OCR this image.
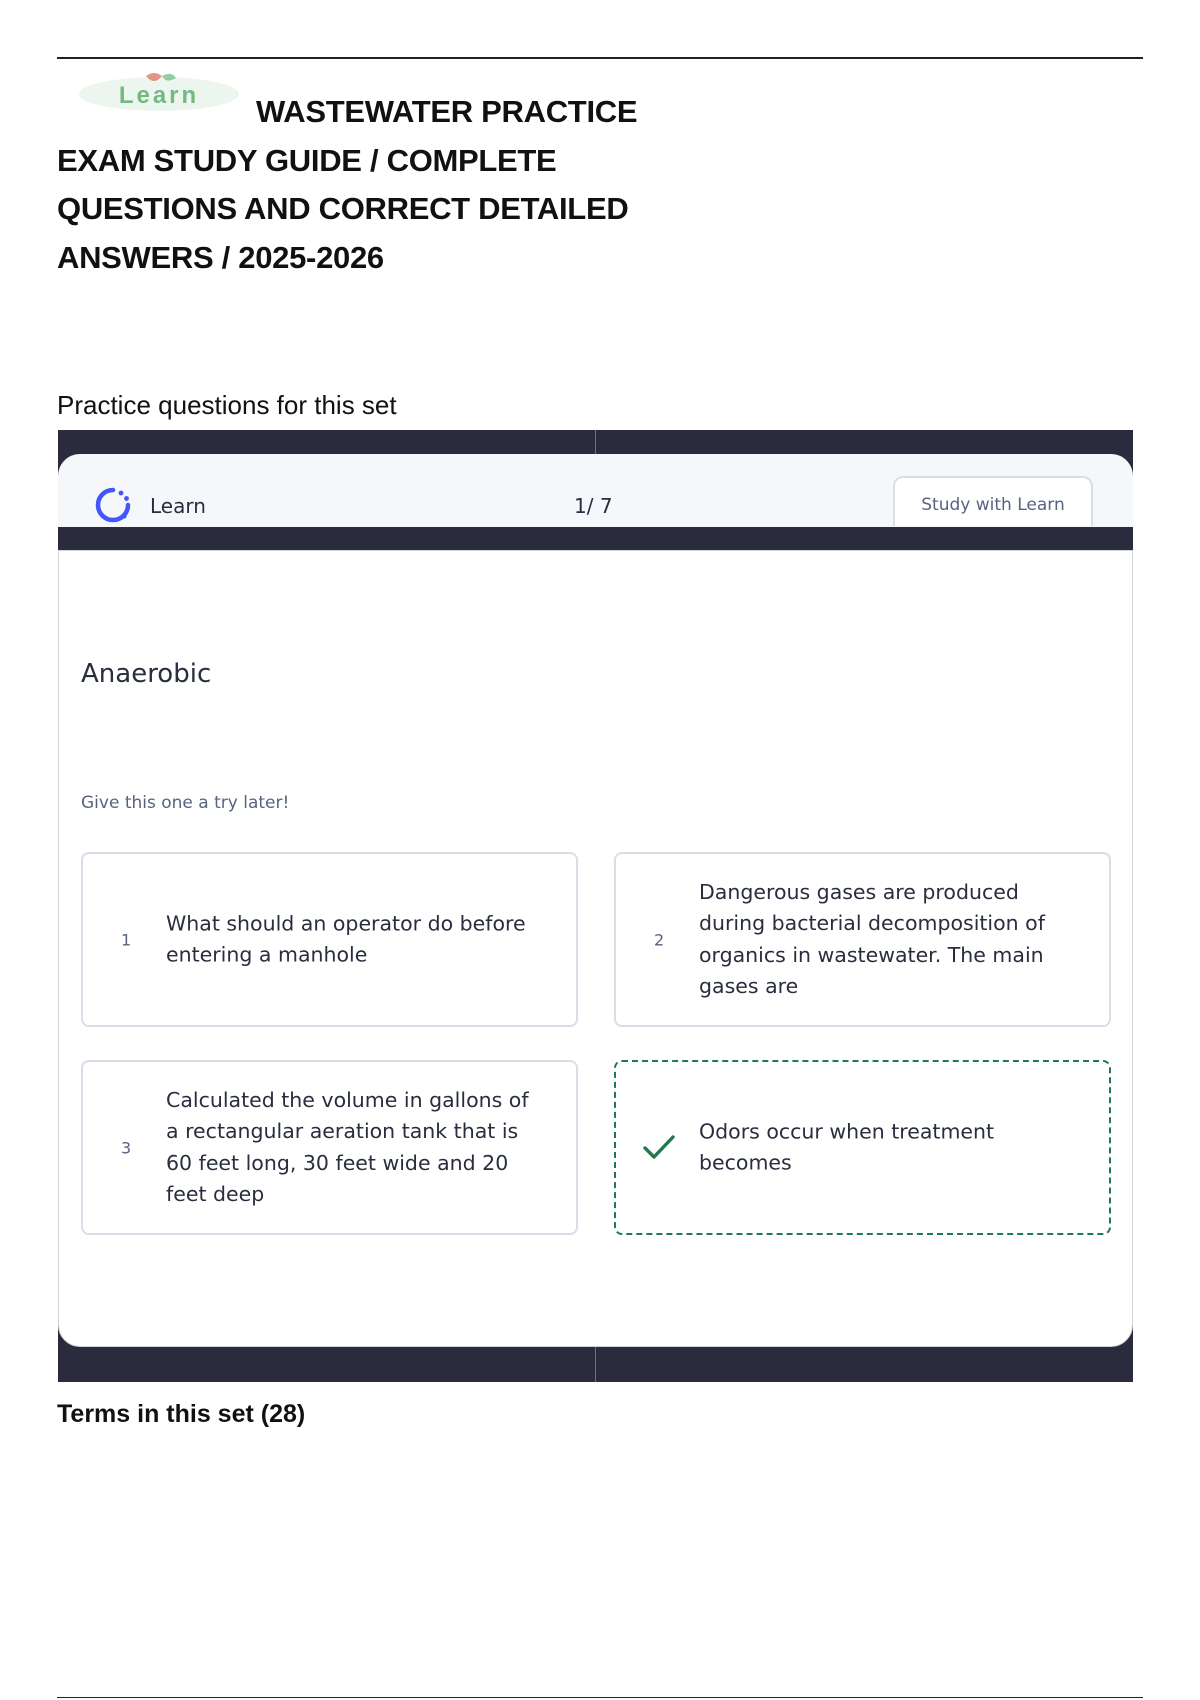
Learn	WASTEWATER PRACTICE
EXAM STUDY GUIDE / COMPLETE
QUESTIONS AND CORRECT DETAILED
ANSWERS / 2025-2026
Practice questions for this set
Learn	1/ 7	Study with Learn
Anaerobic
Give this one a try later!
1
What should an operator do before entering a manhole
2
Dangerous gases are produced during bacterial decomposition of organics in wastewater. The main gases are
3
Calculated the volume in gallons of a rectangular aeration tank that is 60 feet long, 30 feet wide and 20 feet deep
Odors occur when treatment becomes
Terms in this set (28)
